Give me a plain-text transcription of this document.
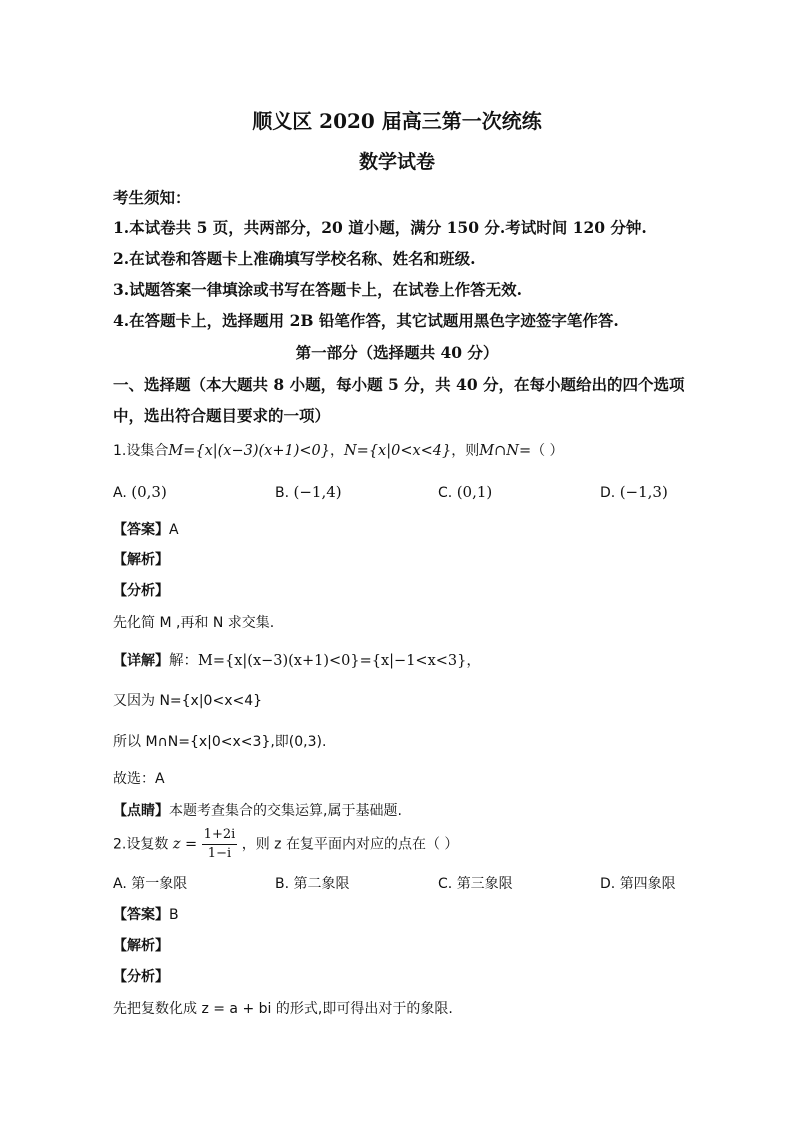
顺义区 2020 届高三第一次统练
数学试卷
考生须知：
1.本试卷共 5 页，共两部分，20 道小题，满分 150 分.考试时间 120 分钟.
2.在试卷和答题卡上准确填写学校名称、姓名和班级.
3.试题答案一律填涂或书写在答题卡上，在试卷上作答无效.
4.在答题卡上，选择题用 2B 铅笔作答，其它试题用黑色字迹签字笔作答.
第一部分（选择题共 40 分）
一、选择题（本大题共 8 小题，每小题 5 分，共 40 分，在每小题给出的四个选项
中，选出符合题目要求的一项）
1.设集合M={x|(x−3)(x+1)<0}，N={x|0<x<4}，则M∩N=（ ）
A. (0,3)	B. (−1,4)	C. (0,1)	D. (−1,3)
【答案】A
【解析】
【分析】
先化简 M ,再和 N 求交集.
【详解】解：M={x|(x−3)(x+1)<0}={x|−1<x<3}，
又因为 N={x|0<x<4}
所以 M∩N={x|0<x<3},即(0,3).
故选：A
【点睛】本题考查集合的交集运算,属于基础题.
2.设复数 $z = \frac{1+2i}{1-i}$ ，则 z 在复平面内对应的点在（ ）
A. 第一象限	B. 第二象限	C. 第三象限	D. 第四象限
【答案】B
【解析】
【分析】
先把复数化成 z = a + bi 的形式,即可得出对于的象限.
